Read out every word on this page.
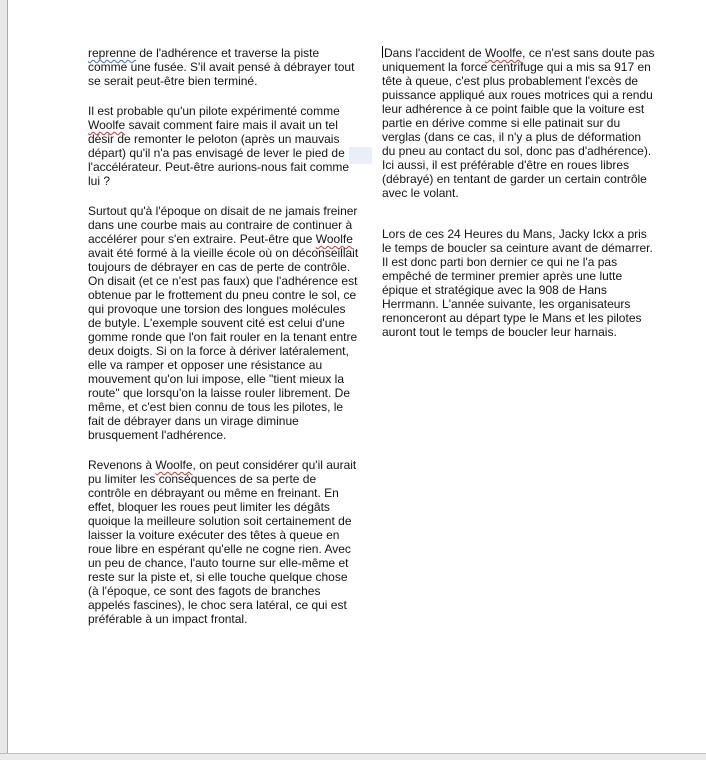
reprenne de l'adhérence et traverse la piste comme une fusée. S'il avait pensé à débrayer tout se serait peut-être bien terminé.

Il est probable qu'un pilote expérimenté comme Woolfe savait comment faire mais il avait un tel désir de remonter le peloton (après un mauvais départ) qu'il n'a pas envisagé de lever le pied de l'accélérateur. Peut-être aurions-nous fait comme lui ?

Surtout qu'à l'époque on disait de ne jamais freiner dans une courbe mais au contraire de continuer à accélérer pour s'en extraire. Peut-être que Woolfe avait été formé à la vieille école où on déconseillait toujours de débrayer en cas de perte de contrôle. On disait (et ce n'est pas faux) que l'adhérence est obtenue par le frottement du pneu contre le sol, ce qui provoque une torsion des longues molécules de butyle. L'exemple souvent cité est celui d'une gomme ronde que l'on fait rouler en la tenant entre deux doigts. Si on la force à dériver latéralement, elle va ramper et opposer une résistance au mouvement qu'on lui impose, elle "tient mieux la route" que lorsqu'on la laisse rouler librement. De même, et c'est bien connu de tous les pilotes, le fait de débrayer dans un virage diminue brusquement l'adhérence.

Revenons à Woolfe, on peut considérer qu'il aurait pu limiter les conséquences de sa perte de contrôle en débrayant ou même en freinant. En effet, bloquer les roues peut limiter les dégâts quoique la meilleure solution soit certainement de laisser la voiture exécuter des têtes à queue en roue libre en espérant qu'elle ne cogne rien. Avec un peu de chance, l'auto tourne sur elle-même et reste sur la piste et, si elle touche quelque chose (à l'époque, ce sont des fagots de branches appelés fascines), le choc sera latéral, ce qui est préférable à un impact frontal.

Dans l'accident de Woolfe, ce n'est sans doute pas uniquement la force centrifuge qui a mis sa 917 en tête à queue, c'est plus probablement l'excès de puissance appliqué aux roues motrices qui a rendu leur adhérence à ce point faible que la voiture est partie en dérive comme si elle patinait sur du verglas (dans ce cas, il n'y a plus de déformation du pneu au contact du sol, donc pas d'adhérence). Ici aussi, il est préférable d'être en roues libres (débrayé) en tentant de garder un certain contrôle avec le volant.

Lors de ces 24 Heures du Mans, Jacky Ickx a pris le temps de boucler sa ceinture avant de démarrer. Il est donc parti bon dernier ce qui ne l'a pas empêché de terminer premier après une lutte épique et stratégique avec la 908 de Hans Herrmann. L'année suivante, les organisateurs renonceront au départ type le Mans et les pilotes auront tout le temps de boucler leur harnais.
